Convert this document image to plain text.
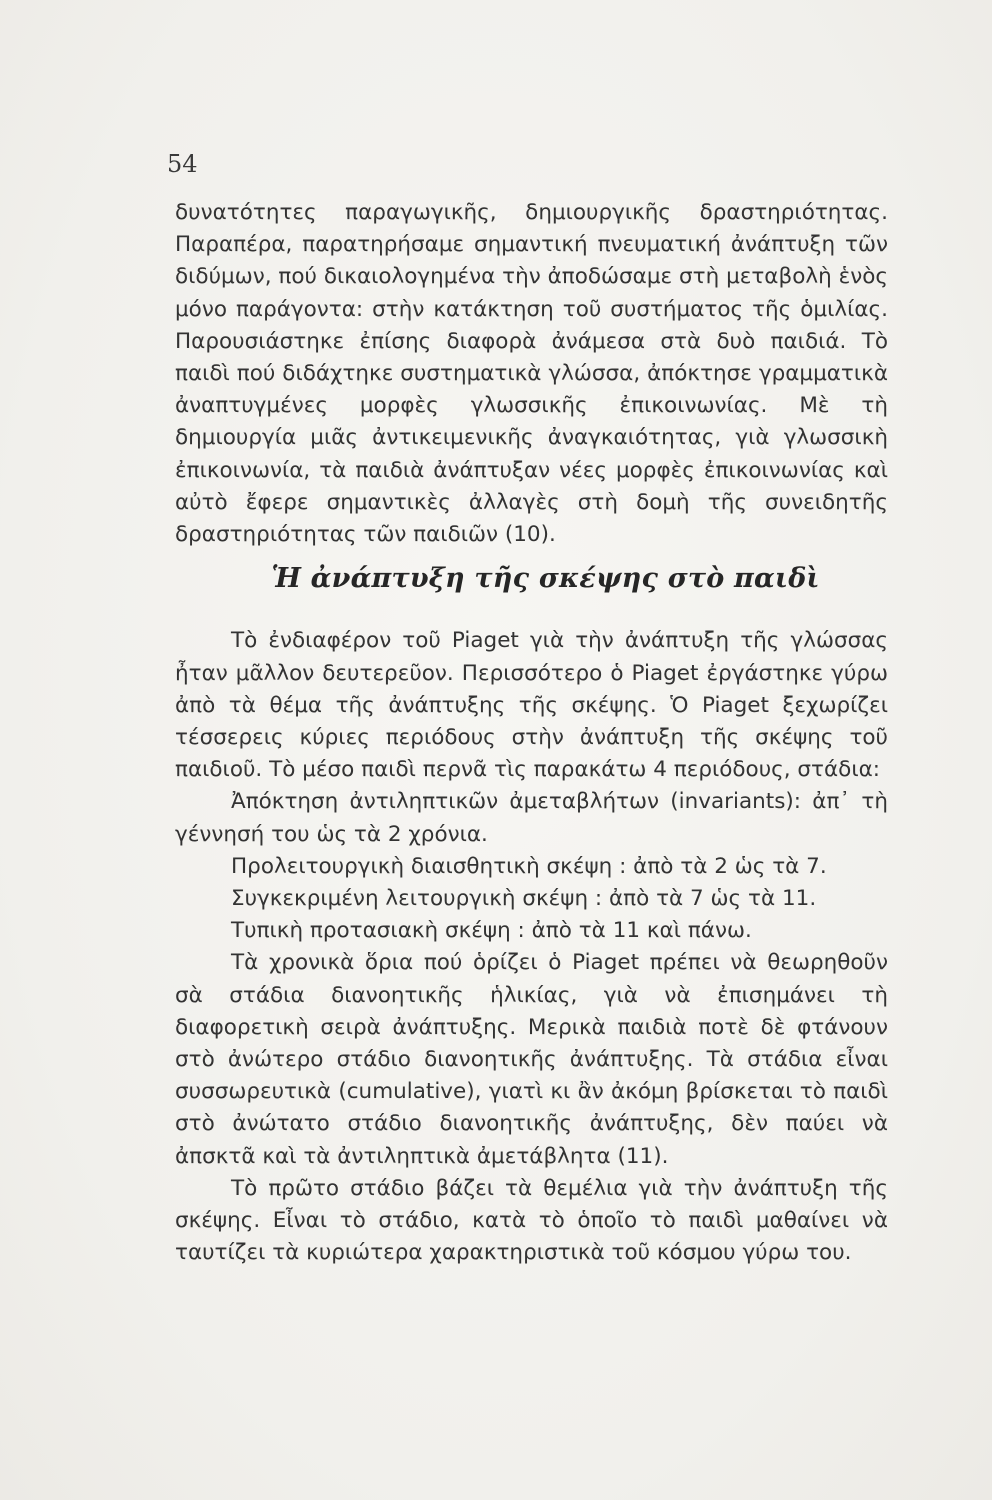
54

δυνατότητες παραγωγικῆς, δημιουργικῆς δραστηριότητας. Παραπέρα, παρατηρήσαμε σημαντική πνευματική ἀνάπτυξη τῶν διδύμων, πού δικαιολογημένα τὴν ἀποδώσαμε στὴ μεταβολὴ ἑνὸς μόνο παράγοντα: στὴν κατάκτηση τοῦ συστήματος τῆς ὁμιλίας. Παρουσιάστηκε ἐπίσης διαφορὰ ἀνάμεσα στὰ δυὸ παιδιά. Τὸ παιδὶ πού διδάχτηκε συστηματικὰ γλώσσα, ἀπόκτησε γραμματικὰ ἀναπτυγμένες μορφὲς γλωσσικῆς ἐπικοινωνίας. Μὲ τὴ δημιουργία μιᾶς ἀντικειμενικῆς ἀναγκαιότητας, γιὰ γλωσσικὴ ἐπικοινωνία, τὰ παιδιὰ ἀνάπτυξαν νέες μορφὲς ἐπικοινωνίας καὶ αὐτὸ ἔφερε σημαντικὲς ἀλλαγὲς στὴ δομὴ τῆς συνειδητῆς δραστηριότητας τῶν παιδιῶν (10).

Ἡ ἀνάπτυξη τῆς σκέψης στὸ παιδὶ

Τὸ ἐνδιαφέρον τοῦ Piaget γιὰ τὴν ἀνάπτυξη τῆς γλώσσας ἦταν μᾶλλον δευτερεῦον. Περισσότερο ὁ Piaget ἐργάστηκε γύρω ἀπὸ τὰ θέμα τῆς ἀνάπτυξης τῆς σκέψης. Ὁ Piaget ξεχωρίζει τέσσερεις κύριες περιόδους στὴν ἀνάπτυξη τῆς σκέψης τοῦ παιδιοῦ. Τὸ μέσο παιδὶ περνᾶ τὶς παρακάτω 4 περιόδους, στάδια:

Ἀπόκτηση ἀντιληπτικῶν ἀμεταβλήτων (invariants): ἀπ᾽ τὴ γέννησή του ὡς τὰ 2 χρόνια.

Προλειτουργικὴ διαισθητικὴ σκέψη : ἀπὸ τὰ 2 ὡς τὰ 7.

Συγκεκριμένη λειτουργικὴ σκέψη : ἀπὸ τὰ 7 ὡς τὰ 11.

Τυπικὴ προτασιακὴ σκέψη : ἀπὸ τὰ 11 καὶ πάνω.

Τὰ χρονικὰ ὅρια πού ὁρίζει ὁ Piaget πρέπει νὰ θεωρηθοῦν σὰ στάδια διανοητικῆς ἡλικίας, γιὰ νὰ ἐπισημάνει τὴ διαφορετικὴ σειρὰ ἀνάπτυξης. Μερικὰ παιδιὰ ποτὲ δὲ φτάνουν στὸ ἀνώτερο στάδιο διανοητικῆς ἀνάπτυξης. Τὰ στάδια εἶναι συσσωρευτικὰ (cumulative), γιατὶ κι ἂν ἀκόμη βρίσκεται τὸ παιδὶ στὸ ἀνώτατο στάδιο διανοητικῆς ἀνάπτυξης, δὲν παύει νὰ ἀπσκτᾶ καὶ τὰ ἀντιληπτικὰ ἀμετάβλητα (11).

Τὸ πρῶτο στάδιο βάζει τὰ θεμέλια γιὰ τὴν ἀνάπτυξη τῆς σκέψης. Εἶναι τὸ στάδιο, κατὰ τὸ ὁποῖο τὸ παιδὶ μαθαίνει νὰ ταυτίζει τὰ κυριώτερα χαρακτηριστικὰ τοῦ κόσμου γύρω του.
